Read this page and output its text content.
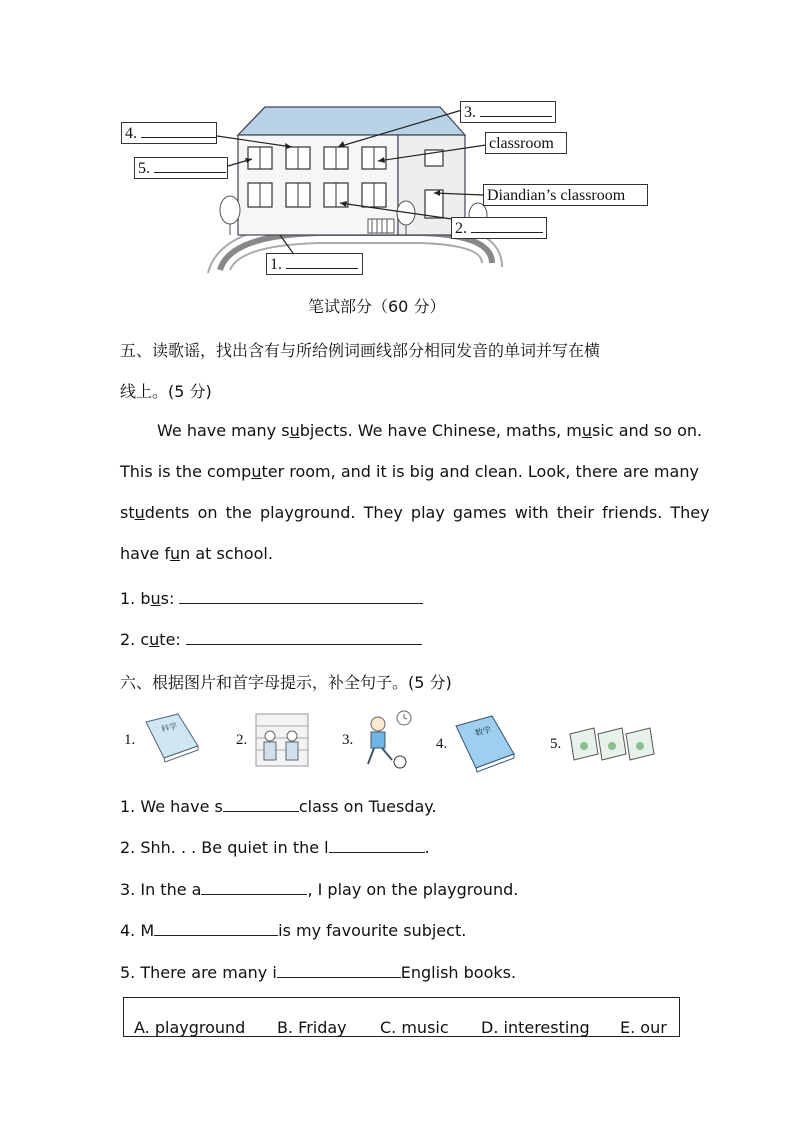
4.
5.
3.
classroom
Diandian’s classroom
2.
1.
笔试部分（60 分）
五、读歌谣，找出含有与所给例词画线部分相同发音的单词并写在横
线上。(5 分)
We have many subjects. We have Chinese, maths, music and so on.
This is the computer room, and it is big and clean. Look, there are many
students on the playground. They play games with their friends. They
have fun at school.
1. bus:
2. cute:
六、根据图片和首字母提示，补全句子。(5 分)
1.
科学
2.	3.	4.
数学
5.
1. We have s	class on Tuesday.
2. Shh. . . Be quiet in the l	.
3. In the a	, I play on the playground.
4. M	is my favourite subject.
5. There are many i	English books.
A. playground B. Friday C. music D. interesting E. our
